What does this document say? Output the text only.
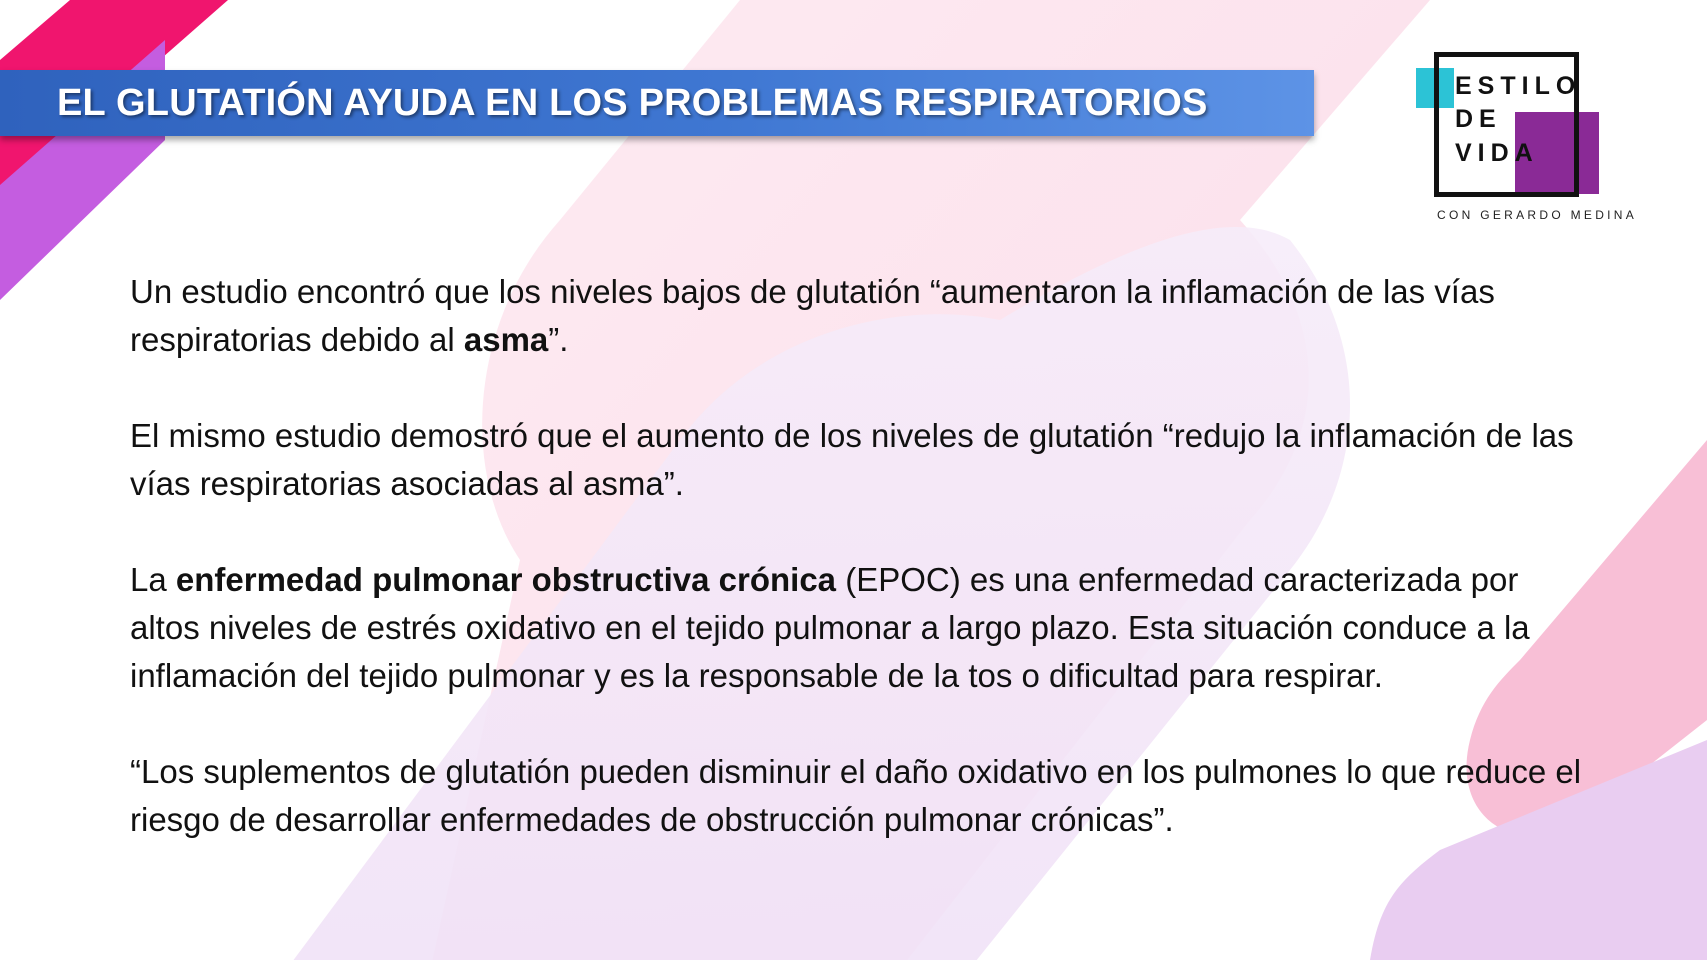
EL GLUTATIÓN AYUDA EN LOS PROBLEMAS RESPIRATORIOS	ESTILO
DE
VIDA
CON GERARDO MEDINA

Un estudio encontró que los niveles bajos de glutatión “aumentaron la inflamación de las vías respiratorias debido al asma”.

El mismo estudio demostró que el aumento de los niveles de glutatión “redujo la inflamación de las vías respiratorias asociadas al asma”.

La enfermedad pulmonar obstructiva crónica (EPOC) es una enfermedad caracterizada por altos niveles de estrés oxidativo en el tejido pulmonar a largo plazo. Esta situación conduce a la inflamación del tejido pulmonar y es la responsable de la tos o dificultad para respirar.

“Los suplementos de glutatión pueden disminuir el daño oxidativo en los pulmones lo que reduce el riesgo de desarrollar enfermedades de obstrucción pulmonar crónicas”.
